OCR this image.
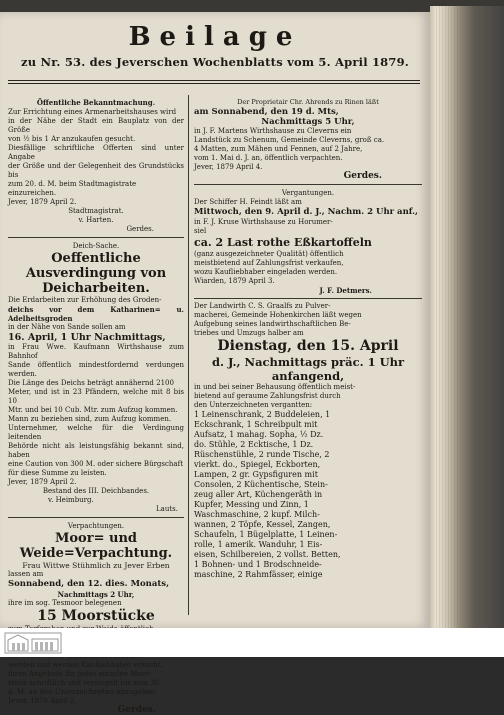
Beilage
zu Nr. 53. des Jeverschen Wochenblatts vom 5. April 1879.
Öffentliche Bekanntmachung.
Zur Errichtung eines Armenarbeitshauses wird
in der Nähe der Stadt ein Bauplatz von der Größe
von ½ bis 1 Ar anzukaufen gesucht.
Diesfällige schriftliche Offerten sind unter Angabe
der Größe und der Gelegenheit des Grundstücks bis
zum 20. d. M. beim Stadtmagistrate einzureichen.
Jever, 1879 April 2.
Stadtmagistrat.
v. Harten.
Gerdes.
Deich-Sache.
Oeffentliche Ausverdingung von Deicharbeiten.
Die Erdarbeiten zur Erhöhung des Groden-
deichs vor dem Katharinen= u. Adelheitsgroden
in der Nähe von Sande sollen am
16. April, 1 Uhr Nachmittags,
in Frau Wwe. Kaufmann Wirthshause zum Bahnhof
Sande öffentlich mindestfordernd verdungen werden.
Die Länge des Deichs beträgt annähernd 2100
Meter, und ist in 23 Pfändern, welche mit 8 bis 10
Mtr. und bei 10 Cub. Mtr. zum Aufzug kommen.
Mann zu beziehen sind, zum Aufzug kommen.
Unternehmer, welche für die Verdingung leitenden
Behörde nicht als leistungsfähig bekannt sind, haben
eine Caution von 300 M. oder sichere Bürgschaft
für diese Summe zu leisten.
Jever, 1879 April 2.
Bestand des III. Deichbandes.
v. Heimburg.
Lauts.
Verpachtungen.
Moor= und Weide=Verpachtung.
Frau Wittwe Stühmlich zu Jever Erben
lassen am
Sonnabend, den 12. dies. Monats,
Nachmittags 2 Uhr,
ihre im sog. Tesmoor belegenen
15 Moorstücke
werden und werden Kaufliebhaber ersucht,
ihren Angebote für jedes einzelne Moor-
stück schriftlich und versiegelt bis zum 30.
d. M. an den Unterzeichneten abzugeben.
Jever, 1879 April 2.
Gerdes.
Der Proprietair Chr. Ahrends zu Rinen läßt
am Sonnabend, den 19 d. Mts,
Nachmittags 5 Uhr,
in J. F. Martens Wirthshause zu Cleverns ein
Landstück zu Schenum, Gemeinde Cleverns, groß ca.
4 Matten, zum Mähen und Fennen, auf 2 Jahre,
vom 1. Mai d. J. an, öffentlich verpachten.
Jever, 1879 April 4.
Gerdes.
Vergantungen.
Der Schiffer H. Feindt läßt am
Mittwoch, den 9. April d. J., Nachm. 2 Uhr anf.,
in F. J. Kruse Wirthshause zu Horumer-
siel
ca. 2 Last rothe Eßkartoffeln
(ganz ausgezeichneter Qualität) öffentlich
meistbietend auf Zahlungsfrist verkaufen,
wozu Kaufliebhaber eingeladen werden.
Wiarden, 1879 April 3.
J. F. Detmers.
Der Landwirth C. S. Graalfs zu Pulver-
macherei, Gemeinde Hohenkirchen läßt wegen
Aufgebung seines landwirthschaftlichen Be-
triebes und Umzugs halber am
Dienstag, den 15. April
d. J., Nachmittags präc. 1 Uhr anfangend,
in und bei seiner Behausung öffentlich meist-
bietend auf geraume Zahlungsfrist durch
den Unterzeichneten vergantten:
1 Leinenschrank, 2 Buddeleien, 1
Eckschrank, 1 Schreibpult mit
Aufsatz, 1 mahag. Sopha, ½ Dz.
do. Stühle, 2 Ecktische, 1 Dz.
Rüschenstühle, 2 runde Tische, 2
vierkt. do., Spiegel, Eckborten,
Lampen, 2 gr. Gypsfiguren mit
Consolen, 2 Küchentische, Stein-
zeug aller Art, Küchengeräth in
Kupfer, Messing und Zinn, 1
Waschmaschine, 2 kupf. Milch-
wannen, 2 Töpfe, Kessel, Zangen,
Schaufeln, 1 Bügelplatte, 1 Leinen-
rolle, 1 amerik. Wanduhr, 1 Eis-
eisen, Schilbereien, 2 vollst. Betten,
1 Bohnen- und 1 Brodschneide-
maschine, 2 Rahmfässer, einige
